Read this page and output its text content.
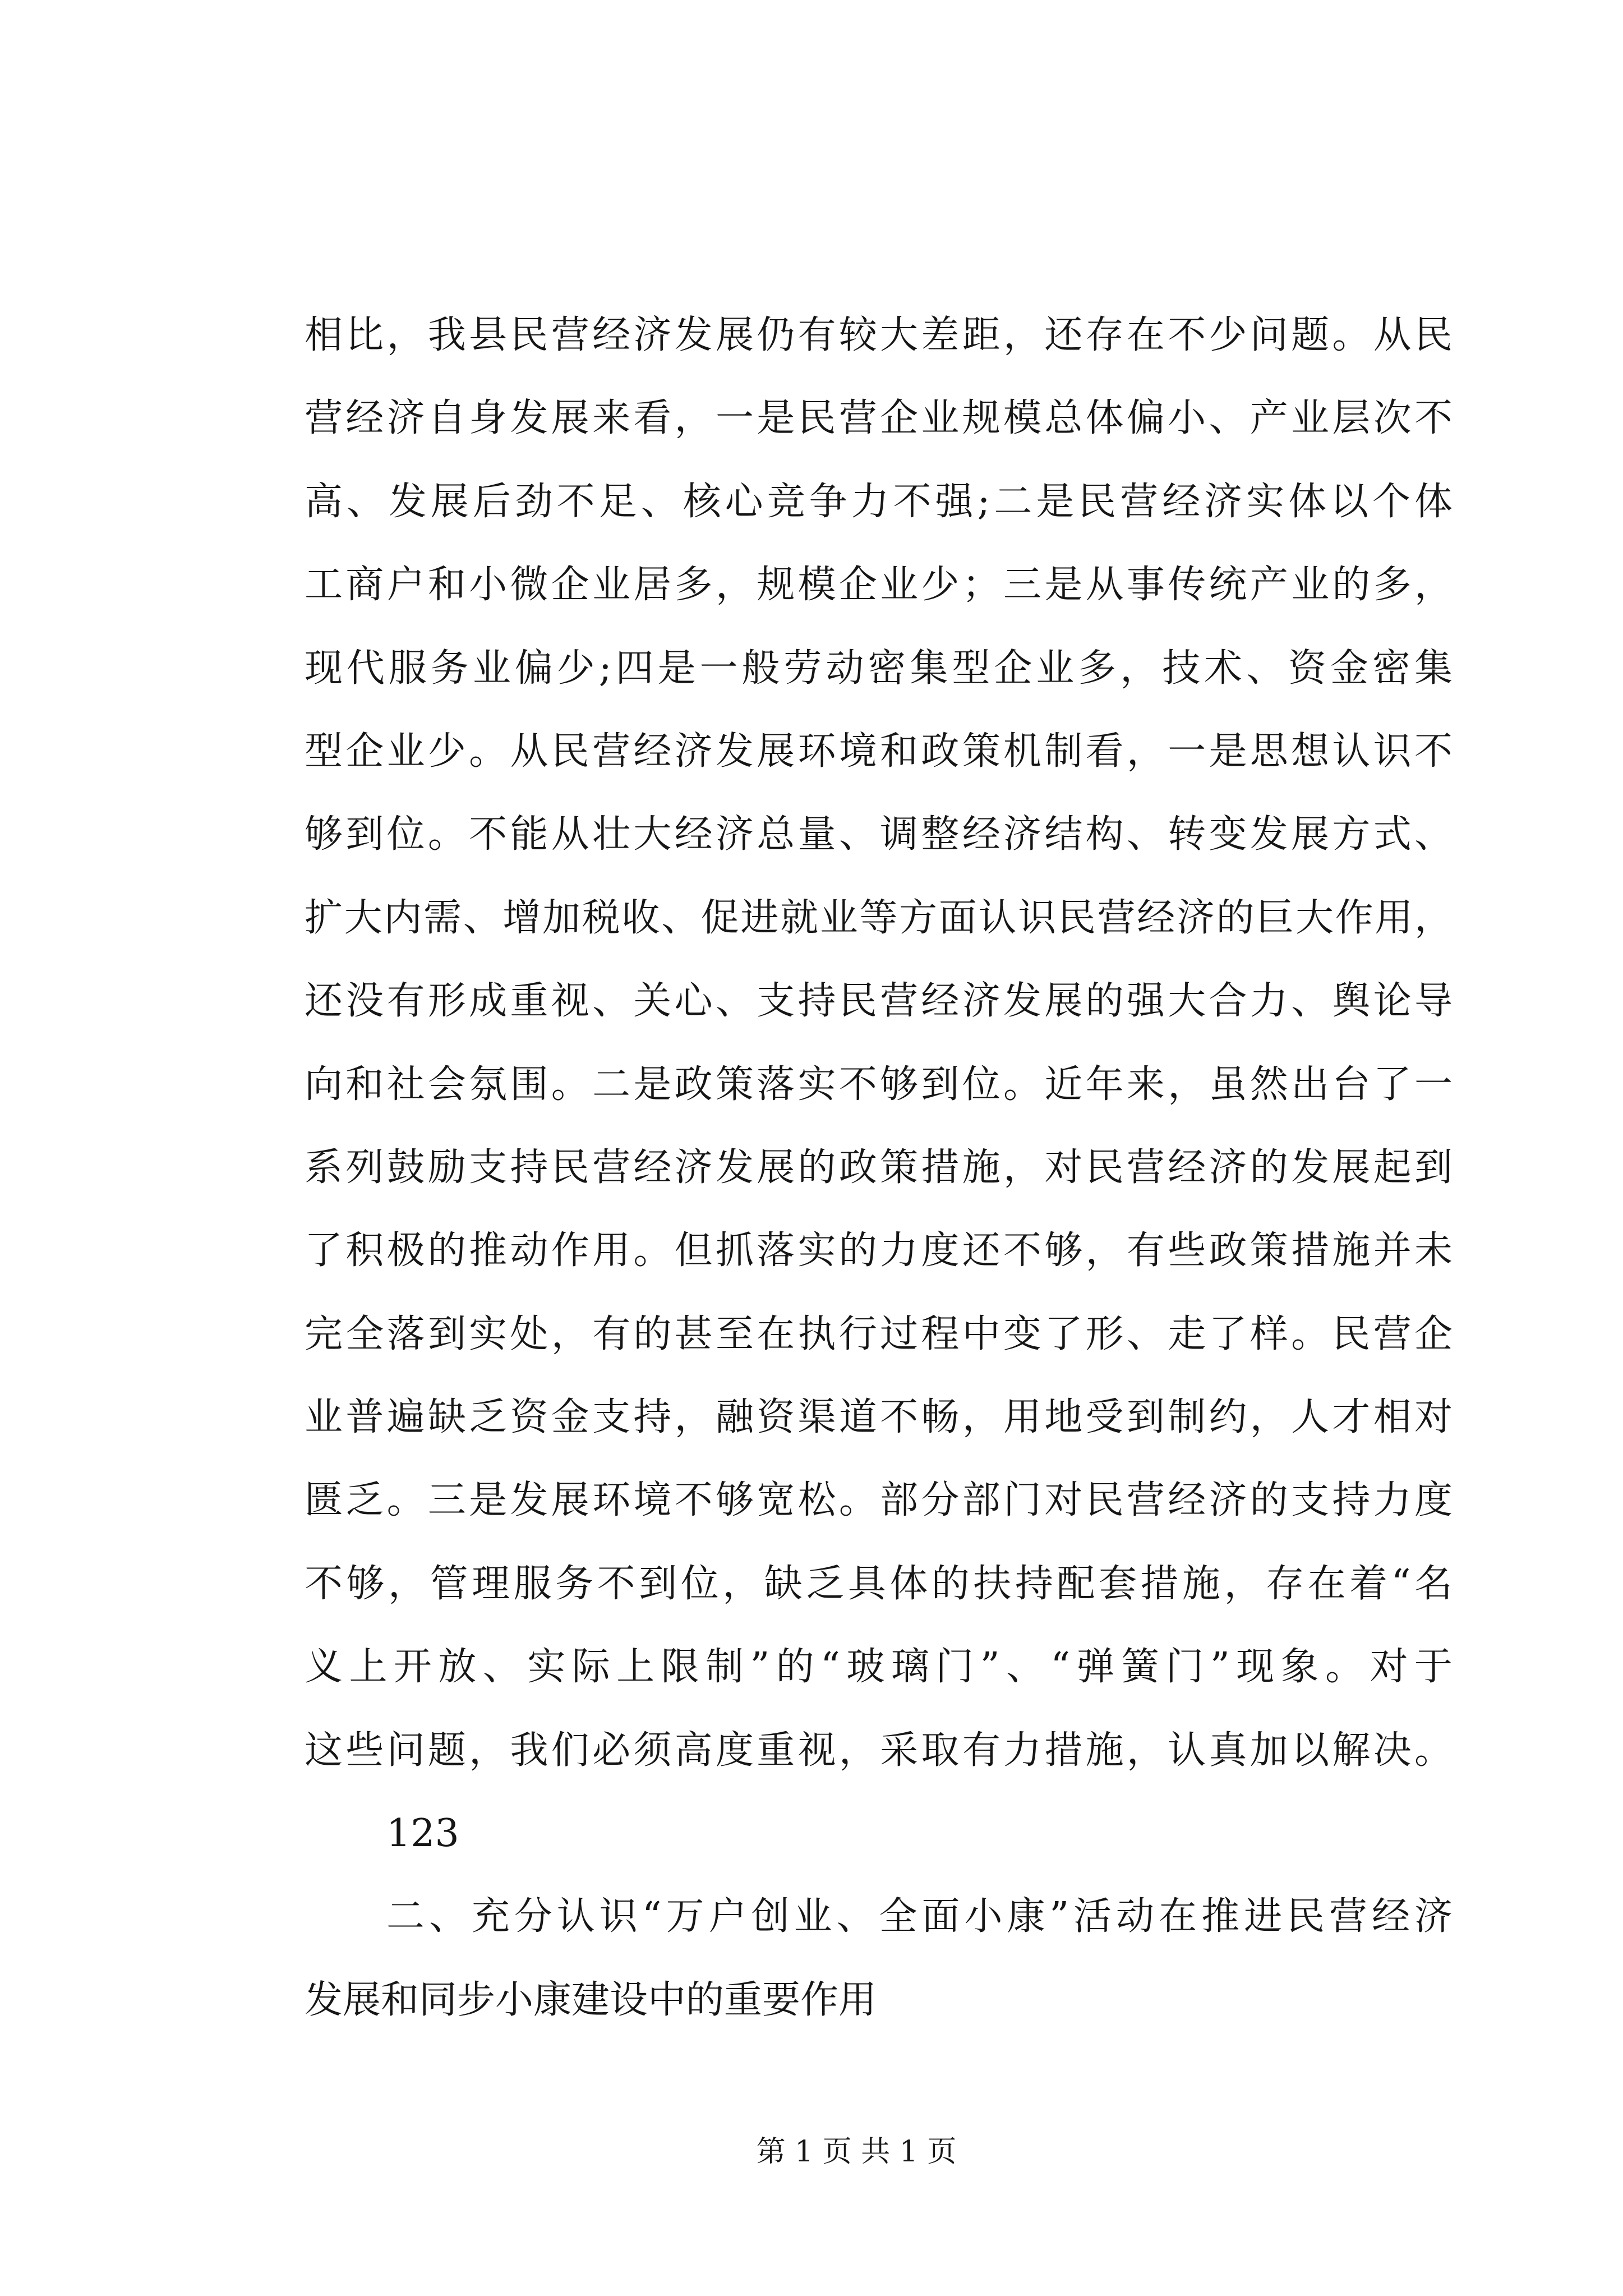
相比，我县民营经济发展仍有较大差距，还存在不少问题。从民
营经济自身发展来看，一是民营企业规模总体偏小、产业层次不
高、发展后劲不足、核心竞争力不强;二是民营经济实体以个体
工商户和小微企业居多，规模企业少；三是从事传统产业的多，
现代服务业偏少;四是一般劳动密集型企业多，技术、资金密集
型企业少。从民营经济发展环境和政策机制看，一是思想认识不
够到位。不能从壮大经济总量、调整经济结构、转变发展方式、
扩大内需、增加税收、促进就业等方面认识民营经济的巨大作用，
还没有形成重视、关心、支持民营经济发展的强大合力、舆论导
向和社会氛围。二是政策落实不够到位。近年来，虽然出台了一
系列鼓励支持民营经济发展的政策措施，对民营经济的发展起到
了积极的推动作用。但抓落实的力度还不够，有些政策措施并未
完全落到实处，有的甚至在执行过程中变了形、走了样。民营企
业普遍缺乏资金支持，融资渠道不畅，用地受到制约，人才相对
匮乏。三是发展环境不够宽松。部分部门对民营经济的支持力度
不够，管理服务不到位，缺乏具体的扶持配套措施，存在着“名
义上开放、实际上限制”的“玻璃门”、“弹簧门”现象。对于
这些问题，我们必须高度重视，采取有力措施，认真加以解决。
123
二、充分认识“万户创业、全面小康”活动在推进民营经济
发展和同步小康建设中的重要作用
第 1 页 共 1 页
